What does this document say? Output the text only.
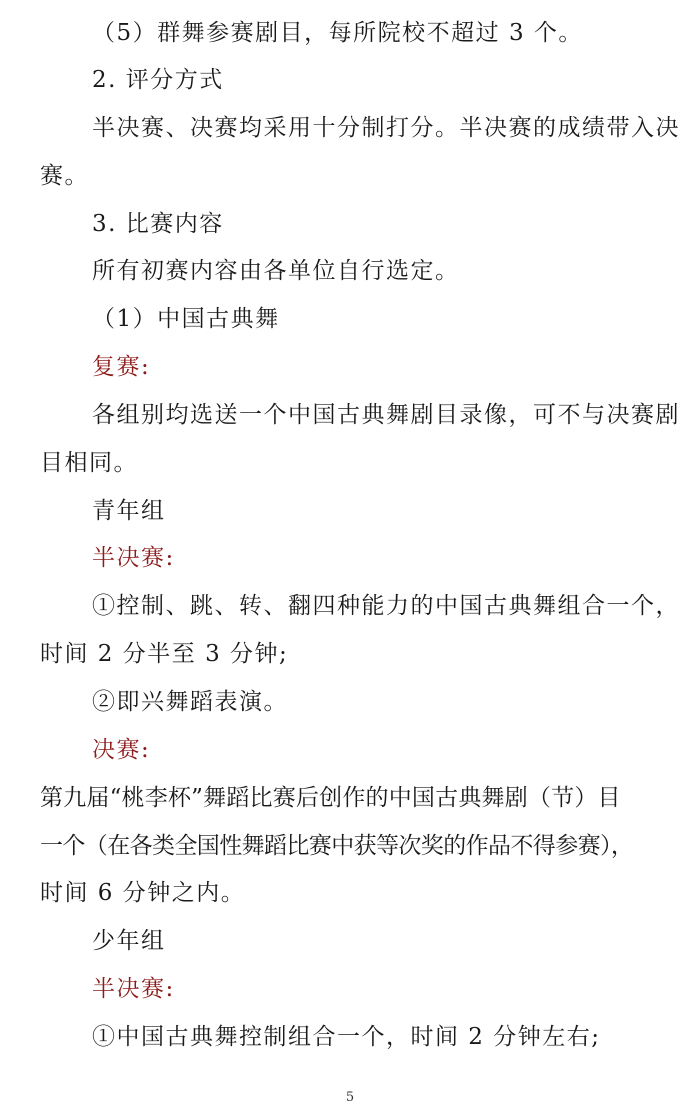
（5）群舞参赛剧目，每所院校不超过 3 个。
2. 评分方式
半决赛、决赛均采用十分制打分。半决赛的成绩带入决
赛。
3. 比赛内容
所有初赛内容由各单位自行选定。
（1）中国古典舞
复赛:
各组别均选送一个中国古典舞剧目录像，可不与决赛剧
目相同。
青年组
半决赛:
①控制、跳、转、翻四种能力的中国古典舞组合一个，
时间 2 分半至 3 分钟;
②即兴舞蹈表演。
决赛:
第九届“桃李杯”舞蹈比赛后创作的中国古典舞剧（节）目
一个（在各类全国性舞蹈比赛中获等次奖的作品不得参赛），
时间 6 分钟之内。
少年组
半决赛:
①中国古典舞控制组合一个，时间 2 分钟左右;
5
